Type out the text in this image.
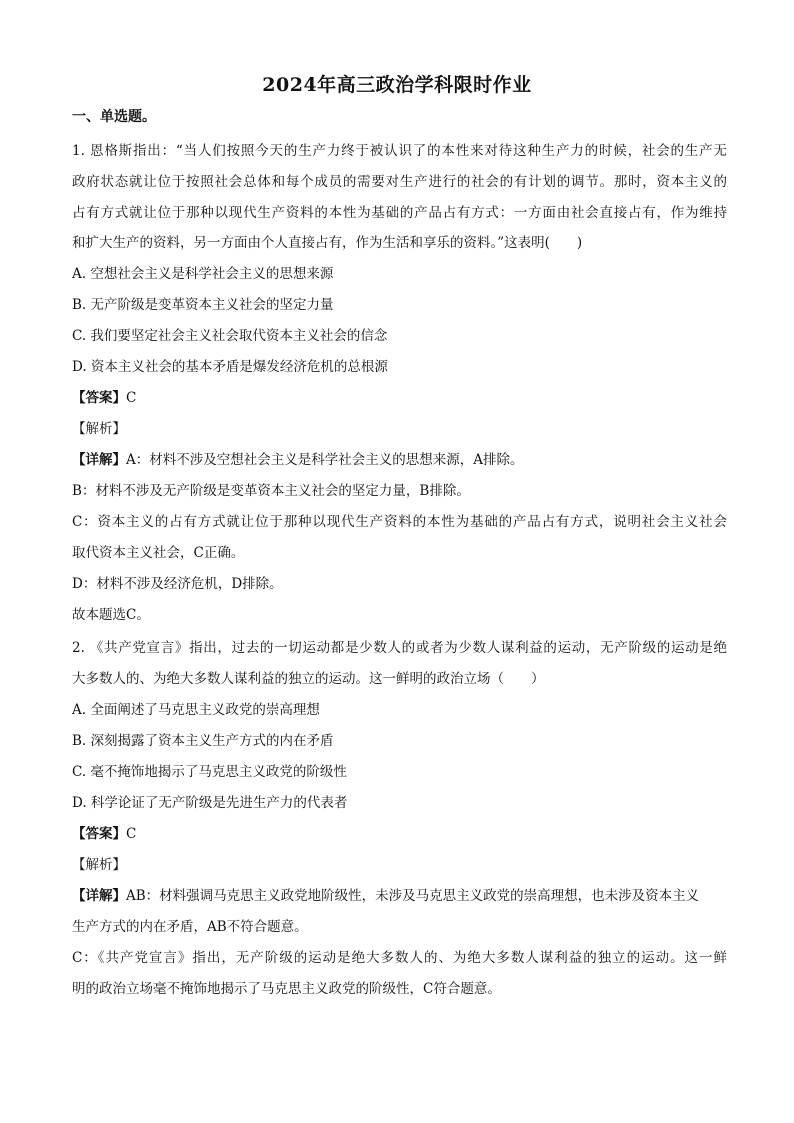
2024年高三政治学科限时作业
一、单选题。
1. 恩格斯指出：“当人们按照今天的生产力终于被认识了的本性来对待这种生产力的时候，社会的生产无
政府状态就让位于按照社会总体和每个成员的需要对生产进行的社会的有计划的调节。那时，资本主义的
占有方式就让位于那种以现代生产资料的本性为基础的产品占有方式：一方面由社会直接占有，作为维持
和扩大生产的资料，另一方面由个人直接占有，作为生活和享乐的资料。”这表明(　　)
A. 空想社会主义是科学社会主义的思想来源
B. 无产阶级是变革资本主义社会的坚定力量
C. 我们要坚定社会主义社会取代资本主义社会的信念
D. 资本主义社会的基本矛盾是爆发经济危机的总根源
【答案】C
【解析】
【详解】A：材料不涉及空想社会主义是科学社会主义的思想来源，A排除。
B：材料不涉及无产阶级是变革资本主义社会的坚定力量，B排除。
C：资本主义的占有方式就让位于那种以现代生产资料的本性为基础的产品占有方式，说明社会主义社会
取代资本主义社会，C正确。
D：材料不涉及经济危机，D排除。
故本题选C。
2. 《共产党宣言》指出，过去的一切运动都是少数人的或者为少数人谋利益的运动，无产阶级的运动是绝
大多数人的、为绝大多数人谋利益的独立的运动。这一鲜明的政治立场（　　）
A. 全面阐述了马克思主义政党的崇高理想
B. 深刻揭露了资本主义生产方式的内在矛盾
C. 毫不掩饰地揭示了马克思主义政党的阶级性
D. 科学论证了无产阶级是先进生产力的代表者
【答案】C
【解析】
【详解】AB：材料强调马克思主义政党地阶级性，未涉及马克思主义政党的崇高理想，也未涉及资本主义
生产方式的内在矛盾，AB不符合题意。
C：《共产党宣言》指出，无产阶级的运动是绝大多数人的、为绝大多数人谋利益的独立的运动。这一鲜
明的政治立场毫不掩饰地揭示了马克思主义政党的阶级性，C符合题意。
